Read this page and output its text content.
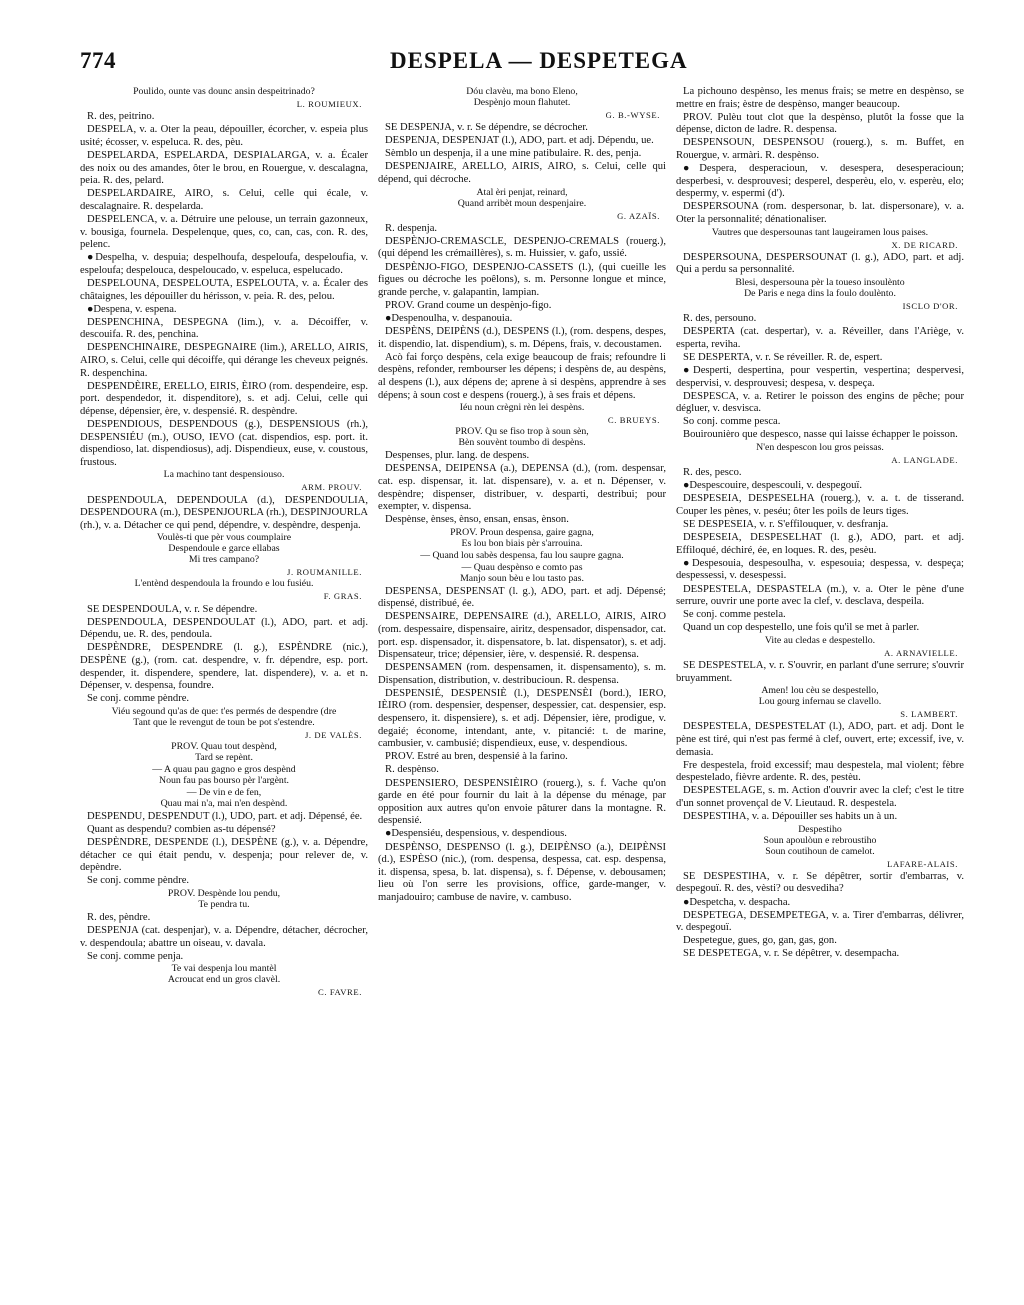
774	DESPELA — DESPETEGA
Poulido, ounte vas dounc ansin despeitrinado?
L. ROUMIEUX.
R. des, peitrino.
DESPELA, v. a. Oter la peau, dépouiller, écorcher, v. espeia plus usité; écosser, v. espeluca. R. des, pèu.
DESPELARDA, ESPELARDA, DESPIALARGA, v. a. Écaler des noix ou des amandes, ôter le brou, en Rouergue, v. descalagna, peia. R. des, pelard.
DESPELARDAIRE, AIRO, s. Celui, celle qui écale, v. descalagnaire. R. despelarda.
DESPELENCA, v. a. Détruire une pelouse, un terrain gazonneux, v. bousiga, fournela. Despelenque, ques, co, can, cas, con. R. des, pelenc.
●Despelha, v. despuia; despelhoufa, despeloufa, despeloufia, v. espeloufa; despelouca, despeloucado, v. espeluca, espelucado.
DESPELOUNA, DESPELOUTA, ESPELOUTA, v. a. Écaler des châtaignes, les dépouiller du hérisson, v. peia. R. des, pelou.
●Despena, v. espena.
DESPENCHINA, DESPEGNA (lim.), v. a. Décoiffer, v. descouifa. R. des, penchina.
DESPENCHINAIRE, DESPEGNAIRE (lim.), ARELLO, AIRIS, AIRO, s. Celui, celle qui décoiffe, qui dérange les cheveux peignés. R. despenchina.
DESPENDÈIRE, ERELLO, EIRIS, ÈIRO (rom. despendeire, esp. port. despendedor, it. dispenditore), s. et adj. Celui, celle qui dépense, dépensier, ère, v. despensié. R. despèndre.
DESPENDIOUS, DESPENDOUS (g.), DESPENSIOUS (rh.), DESPENSIÉU (m.), OUSO, IEVO (cat. dispendios, esp. port. it. dispendioso, lat. dispendiosus), adj. Dispendieux, euse, v. coustous, frustous.
La machino tant despensiouso.
ARM. PROUV.
DESPENDOULA, DEPENDOULA (d.), DESPENDOULIA, DESPENDOURA (m.), DESPENJOURLA (rh.), DESPINJOURLA (rh.), v. a. Détacher ce qui pend, dépendre, v. despèndre, despenja.
Voulès-ti que pèr vous coumplaire
Despendoule e garce ellabas
Mi tres campano?
J. ROUMANILLE.
L'entènd despendoula la froundo e lou fusiéu.
F. GRAS.
SE DESPENDOULA, v. r. Se dépendre.
DESPENDOULA, DESPENDOULAT (l.), ADO, part. et adj. Dépendu, ue. R. des, pendoula.
DESPÈNDRE, DESPENDRE (l. g.), ESPÈNDRE (nic.), DESPÈNE (g.), (rom. cat. despendre, v. fr. dépendre, esp. port. despender, it. dispendere, spendere, lat. dispendere), v. a. et n. Dépenser, v. despensa, foundre.
Se conj. comme pèndre.
Viéu segound qu'as de que: t'es permés de despendre (dre
Tant que le revengut de toun be pot s'estendre.
J. DE VALÈS.
PROV. Quau tout despènd,
Tard se repènt.
— A quau pau gagno e gros despènd
Noun fau pas bourso pèr l'argènt.
— De vin e de fen,
Quau mai n'a, mai n'en despènd.
DESPENDU, DESPENDUT (l.), UDO, part. et adj. Dépensé, ée.
Quant as despendu? combien as-tu dépensé?
DESPÈNDRE, DESPENDE (l.), DESPÈNE (g.), v. a. Dépendre, détacher ce qui était pendu, v. despenja; pour relever de, v. depèndre.
Se conj. comme pèndre.
PROV. Despènde lou pendu,
Te pendra tu.
R. des, pèndre.
DESPENJA (cat. despenjar), v. a. Dépendre, détacher, décrocher, v. despendoula; abattre un oiseau, v. davala.
Se conj. comme penja.
Te vai despenja lou mantèl
Acroucat end un gros clavèl.
C. FAVRE.
Dóu clavèu, ma bono Eleno,
Despènjo moun flahutet.
G. B.-WYSE.
SE DESPENJA, v. r. Se dépendre, se décrocher.
DESPENJA, DESPENJAT (l.), ADO, part. et adj. Dépendu, ue.
Sèmblo un despenja, il a une mine patibulaire. R. des, penja.
DESPENJAIRE, ARELLO, AIRIS, AIRO, s. Celui, celle qui dépend, qui décroche.
Atal èri penjat, reinard,
Quand arribèt moun despenjaire.
G. AZAÏS.
R. despenja.
DESPÈNJO-CREMASCLE, DESPENJO-CREMALS (rouerg.), (qui dépend les crémaillères), s. m. Huissier, v. gafo, ussié.
DESPÈNJO-FIGO, DESPENJO-CASSETS (l.), (qui cueille les figues ou décroche les poêlons), s. m. Personne longue et mince, grande perche, v. galapantin, lampian.
PROV. Grand coume un despènjo-figo.
●Despenoulha, v. despanouia.
DESPÈNS, DEIPÈNS (d.), DESPENS (l.), (rom. despens, despes, it. dispendio, lat. dispendium), s. m. Dépens, frais, v. decoustamen.
Acò fai forço despèns, cela exige beaucoup de frais; refoundre li despèns, refonder, rembourser les dépens; i despèns de, au despèns, al despens (l.), aux dépens de; aprene à si despèns, apprendre à ses dépens; à soun cost e despens (rouerg.), à ses frais et dépens.
Iéu noun crègni rèn lei despèns.
C. BRUEYS.
PROV. Qu se fiso trop à soun sèn,
Bèn souvènt toumbo di despèns.
Despenses, plur. lang. de despens.
DESPENSA, DEIPENSA (a.), DEPENSA (d.), (rom. despensar, cat. esp. dispensar, it. lat. dispensare), v. a. et n. Dépenser, v. despèndre; dispenser, distribuer, v. desparti, destribui; pour exempter, v. dispensa.
Despènse, ènses, ènso, ensan, ensas, ènson.
PROV. Proun despensa, gaire gagna,
Es lou bon biais pèr s'arrouina.
— Quand lou sabès despensa, fau lou saupre gagna.
— Quau despènso e comto pas
Manjo soun bèu e lou tasto pas.
DESPENSA, DESPENSAT (l. g.), ADO, part. et adj. Dépensé; dispensé, distribué, ée.
DESPENSAIRE, DEPENSAIRE (d.), ARELLO, AIRIS, AIRO (rom. despessaire, dispensaire, airitz, despensador, dispensador, cat. port. esp. dispensador, it. dispensatore, b. lat. dispensator), s. et adj. Dispensateur, trice; dépensier, ière, v. despensié. R. despensa.
DESPENSAMEN (rom. despensamen, it. dispensamento), s. m. Dispensation, distribution, v. destribucioun. R. despensa.
DESPENSIÉ, DESPENSIÈ (l.), DESPENSÈI (bord.), IERO, IÈIRO (rom. despensier, despenser, despessier, cat. despensier, esp. despensero, it. dispensiere), s. et adj. Dépensier, ière, prodigue, v. degaié; économe, intendant, ante, v. pitancié: t. de marine, cambusier, v. cambusié; dispendieux, euse, v. despendious.
PROV. Estré au bren, despensié à la farino.
R. despènso.
DESPENSIERO, DESPENSIÈIRO (rouerg.), s. f. Vache qu'on garde en été pour fournir du lait à la dépense du ménage, par opposition aux autres qu'on envoie pâturer dans la montagne. R. despensié.
●Despensiéu, despensious, v. despendious.
DESPÈNSO, DESPENSO (l. g.), DEIPÈNSO (a.), DEIPÈNSI (d.), ESPÈSO (nic.), (rom. despensa, despessa, cat. esp. despensa, it. dispensa, spesa, b. lat. dispensa), s. f. Dépense, v. debousamen; lieu où l'on serre les provisions, office, garde-manger, v. manjadouiro; cambuse de navire, v. cambuso.
La pichouno despènso, les menus frais; se metre en despènso, se mettre en frais; èstre de despènso, manger beaucoup.
PROV. Pulèu tout clot que la despènso, plutôt la fosse que la dépense, dicton de ladre. R. despensa.
DESPENSOUN, DESPENSOU (rouerg.), s. m. Buffet, en Rouergue, v. armàri. R. despènso.
●Despera, desperacioun, v. desespera, desesperacioun; desperbesi, v. desprouvesi; desperel, desperèu, elo, v. esperèu, elo; despermy, v. espermi (d').
DESPERSOUNA (rom. despersonar, b. lat. dispersonare), v. a. Oter la personnalité; dénationaliser.
Vautres que despersounas tant laugeiramen lous paises.
X. DE RICARD.
DESPERSOUNA, DESPERSOUNAT (l. g.), ADO, part. et adj. Qui a perdu sa personnalité.
Blesi, despersouna pèr la toueso insoulènto
De Paris e nega dins la foulo doulènto.
ISCLO D'OR.
R. des, persouno.
DESPERTA (cat. despertar), v. a. Réveiller, dans l'Ariège, v. esperta, reviha.
SE DESPERTA, v. r. Se réveiller. R. de, espert.
●Desperti, despertina, pour vespertin, vespertina; despervesi, despervisi, v. desprouvesi; despesa, v. despeça.
DESPESCA, v. a. Retirer le poisson des engins de pêche; pour dégluer, v. desvisca.
So conj. comme pesca.
Bouirounièro que despesco, nasse qui laisse échapper le poisson.
N'en despescon lou gros peissas.
A. LANGLADE.
R. des, pesco.
●Despescouire, despescouli, v. despegouï.
DESPESEIA, DESPESELHA (rouerg.), v. a. t. de tisserand. Couper les pènes, v. peséu; ôter les poils de leurs tiges.
SE DESPESEIA, v. r. S'effilouquer, v. desfranja.
DESPESEIA, DESPESELHAT (l. g.), ADO, part. et adj. Effiloqué, déchiré, ée, en loques. R. des, pesèu.
●Despesouia, despesoulha, v. espesouia; despessa, v. despeça; despessessi, v. desespessi.
DESPESTELA, DESPASTELA (m.), v. a. Oter le pène d'une serrure, ouvrir une porte avec la clef, v. desclava, despeila.
Se conj. comme pestela.
Quand un cop despestello, une fois qu'il se met à parler.
Vite au cledas e despestello.
A. ARNAVIELLE.
SE DESPESTELA, v. r. S'ouvrir, en parlant d'une serrure; s'ouvrir bruyamment.
Amen! lou cèu se despestello,
Lou gourg infernau se clavello.
S. LAMBERT.
DESPESTELA, DESPESTELAT (l.), ADO, part. et adj. Dont le pène est tiré, qui n'est pas fermé à clef, ouvert, erte; excessif, ive, v. demasia.
Fre despestela, froid excessif; mau despestela, mal violent; fèbre despestelado, fièvre ardente. R. des, pestèu.
DESPESTELAGE, s. m. Action d'ouvrir avec la clef; c'est le titre d'un sonnet provençal de V. Lieutaud. R. despestela.
DESPESTIHA, v. a. Dépouiller ses habits un à un.
Despestiho
Soun apoulòun e rebroustiho
Soun coutihoun de camelot.
LAFARE-ALAIS.
SE DESPESTIHA, v. r. Se dépêtrer, sortir d'embarras, v. despegouï. R. des, vèsti? ou desvediha?
●Despetcha, v. despacha.
DESPETEGA, DESEMPETEGA, v. a. Tirer d'embarras, délivrer, v. despegouï.
Despetegue, gues, go, gan, gas, gon.
SE DESPETEGA, v. r. Se dépêtrer, v. desempacha.
